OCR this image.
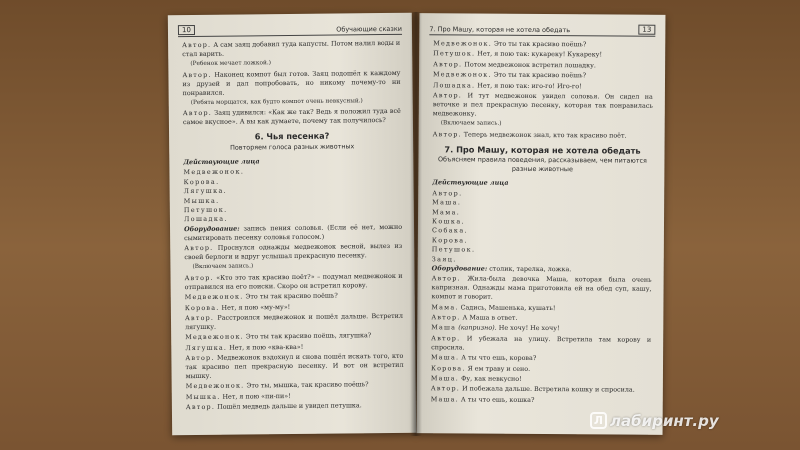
10	Обучающие сказки

Автор. А сам заяц добавил туда капусты. Потом налил воды и стал варить.

(Ребенок мечает ложкой.)

Автор. Наконец компот был готов. Заяц подошёл к каждому из друзей и дал попробовать, но никому почему-то ни понравился.

(Ребята морщатся, как будто компот очень невкусный.)

Автор. Заяц удивился: «Как же так? Ведь я положил туда всё самое вкусное». А вы как думаете, почему так получилось?

6. Чья песенка?

Повторяем голоса разных животных

Действующие лица

Медвежонок.

Корова.

Лягушка.

Мышка.

Петушок.

Лошадка.

Оборудование: запись пения соловья. (Если её нет, можно сымитировать песенку соловья голосом.)

Автор. Проснулся однажды медвежонок весной, вылез из своей берлоги и вдруг услышал прекрасную песенку.

(Включаем запись.)

Автор. «Кто это так красиво поёт?» – подумал медвежонок и отправился на его поиски. Скоро он встретил корову.

Медвежонок. Это ты так красиво поёшь?

Корова. Нет, я пою «му-му»!

Автор. Расстроился медвежонок и пошёл дальше. Встретил лягушку.

Медвежонок. Это ты так красиво поёшь, лягушка?

Лягушка. Нет, я пою «ква-ква»!

Автор. Медвежонок вздохнул и снова пошёл искать того, кто так красиво пел прекрасную песенку. И вот он встретил мышку.

Медвежонок. Это ты, мышка, так красиво поёшь?

Мышка. Нет, я пою «пи-пи»!

Автор. Пошёл медведь дальше и увидел петушка.

7. Про Машу, которая не хотела обедать	13

Медвежонок. Это ты так красиво поёшь?

Петушок. Нет, я пою так: кукареку! Кукареку!

Автор. Потом медвежонок встретил лошадку.

Медвежонок. Это ты так красиво поёшь?

Лошадка. Нет, я пою так: иго-го! Иго-го!

Автор. И тут медвежонок увидел соловья. Он сидел на веточке и пел прекрасную песенку, которая так понравилась медвежонку.

(Включаем запись.)

Автор. Теперь медвежонок знал, кто так красиво поёт.

7. Про Машу, которая не хотела обедать

Объясняем правила поведения, рассказываем, чем питаются разные животные

Действующие лица

Автор.

Маша.

Мама.

Кошка.

Собака.

Корова.

Петушок.

Заяц.

Оборудование: столик, тарелка, ложка.

Автор. Жила-была девочка Маша, которая была очень капризная. Однажды мама приготовила ей на обед суп, кашу, компот и говорит.

Мама. Садись, Машенька, кушать!

Автор. А Маша в ответ.

Маша (капризно). Не хочу! Не хочу!

Автор. И убежала на улицу. Встретила там корову и спросила.

Маша. А ты что ешь, корова?

Корова. Я ем траву и сено.

Маша. Фу, как невкусно!

Автор. И побежала дальше. Встретила кошку и спросила.

Маша. А ты что ешь, кошка?

Л лабиринт.ру
